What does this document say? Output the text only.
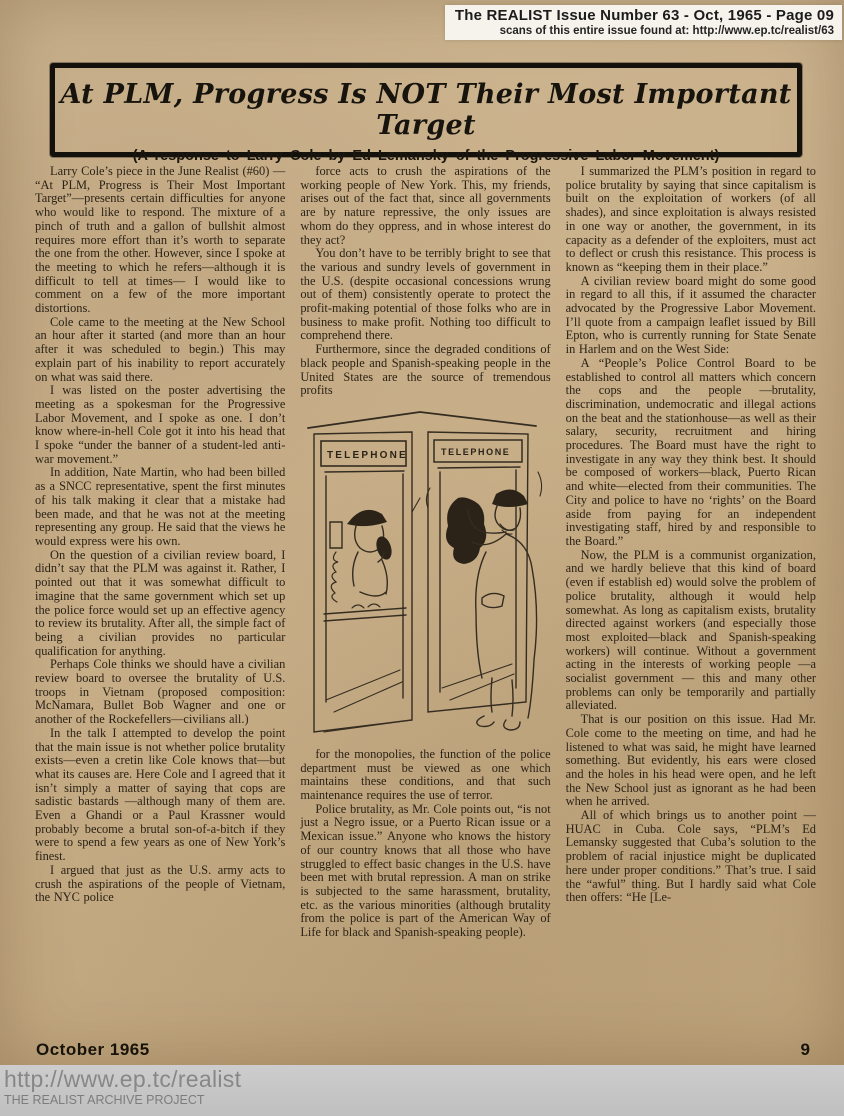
The REALIST Issue Number 63 - Oct, 1965 - Page 09
scans of this entire issue found at: http://www.ep.tc/realist/63
At PLM, Progress Is NOT Their Most Important Target
(A response to Larry Cole by Ed Lemansky of the Progressive Labor Movement)

Larry Cole’s piece in the June Realist (#60) — “At PLM, Progress is Their Most Important Target”—presents certain difficulties for anyone who would like to respond. The mixture of a pinch of truth and a gallon of bullshit almost requires more effort than it’s worth to separate the one from the other. However, since I spoke at the meeting to which he refers—although it is difficult to tell at times— I would like to comment on a few of the more important distortions.

Cole came to the meeting at the New School an hour after it started (and more than an hour after it was scheduled to begin.) This may explain part of his inability to report accurately on what was said there.

I was listed on the poster advertising the meeting as a spokesman for the Progressive Labor Movement, and I spoke as one. I don’t know where-in-hell Cole got it into his head that I spoke “under the banner of a student-led anti-war movement.”

In addition, Nate Martin, who had been billed as a SNCC representative, spent the first minutes of his talk making it clear that a mistake had been made, and that he was not at the meeting representing any group. He said that the views he would express were his own.

On the question of a civilian review board, I didn’t say that the PLM was against it. Rather, I pointed out that it was somewhat difficult to imagine that the same government which set up the police force would set up an effective agency to review its brutality. After all, the simple fact of being a civilian provides no particular qualification for anything.

Perhaps Cole thinks we should have a civilian review board to oversee the brutality of U.S. troops in Vietnam (proposed composition: McNamara, Bullet Bob Wagner and one or another of the Rockefellers—civilians all.)

In the talk I attempted to develop the point that the main issue is not whether police brutality exists—even a cretin like Cole knows that—but what its causes are. Here Cole and I agreed that it isn’t simply a matter of saying that cops are sadistic bastards —although many of them are. Even a Ghandi or a Paul Krassner would probably become a brutal son-of-a-bitch if they were to spend a few years as one of New York’s finest.

I argued that just as the U.S. army acts to crush the aspirations of the people of Vietnam, the NYC police

force acts to crush the aspirations of the working people of New York. This, my friends, arises out of the fact that, since all governments are by nature repressive, the only issues are whom do they oppress, and in whose interest do they act?

You don’t have to be terribly bright to see that the various and sundry levels of government in the U.S. (despite occasional concessions wrung out of them) consistently operate to protect the profit-making potential of those folks who are in business to make profit. Nothing too difficult to comprehend there.

Furthermore, since the degraded conditions of black people and Spanish-speaking people in the United States are the source of tremendous profits

TELEPHONE	TELEPHONE

for the monopolies, the function of the police department must be viewed as one which maintains these conditions, and that such maintenance requires the use of terror.

Police brutality, as Mr. Cole points out, “is not just a Negro issue, or a Puerto Rican issue or a Mexican issue.” Anyone who knows the history of our country knows that all those who have struggled to effect basic changes in the U.S. have been met with brutal repression. A man on strike is subjected to the same harassment, brutality, etc. as the various minorities (although brutality from the police is part of the American Way of Life for black and Spanish-speaking people).

I summarized the PLM’s position in regard to police brutality by saying that since capitalism is built on the exploitation of workers (of all shades), and since exploitation is always resisted in one way or another, the government, in its capacity as a defender of the exploiters, must act to deflect or crush this resistance. This process is known as “keeping them in their place.”

A civilian review board might do some good in regard to all this, if it assumed the character advocated by the Progressive Labor Movement. I’ll quote from a campaign leaflet issued by Bill Epton, who is currently running for State Senate in Harlem and on the West Side:

A “People’s Police Control Board to be established to control all matters which concern the cops and the people —brutality, discrimination, undemocratic and illegal actions on the beat and the stationhouse—as well as their salary, security, recruitment and hiring procedures. The Board must have the right to investigate in any way they think best. It should be composed of workers—black, Puerto Rican and white—elected from their communities. The City and police to have no ‘rights’ on the Board aside from paying for an independent investigating staff, hired by and responsible to the Board.”

Now, the PLM is a communist organization, and we hardly believe that this kind of board (even if establish ed) would solve the problem of police brutality, although it would help somewhat. As long as capitalism exists, brutality directed against workers (and especially those most exploited—black and Spanish-speaking workers) will continue. Without a government acting in the interests of working people —a socialist government — this and many other problems can only be temporarily and partially alleviated.

That is our position on this issue. Had Mr. Cole come to the meeting on time, and had he listened to what was said, he might have learned something. But evidently, his ears were closed and the holes in his head were open, and he left the New School just as ignorant as he had been when he arrived.

All of which brings us to another point — HUAC in Cuba. Cole says, “PLM’s Ed Lemansky suggested that Cuba’s solution to the problem of racial injustice might be duplicated here under proper conditions.” That’s true. I said the “awful” thing. But I hardly said what Cole then offers: “He [Le-

October 1965	9
http://www.ep.tc/realist
THE REALIST ARCHIVE PROJECT
